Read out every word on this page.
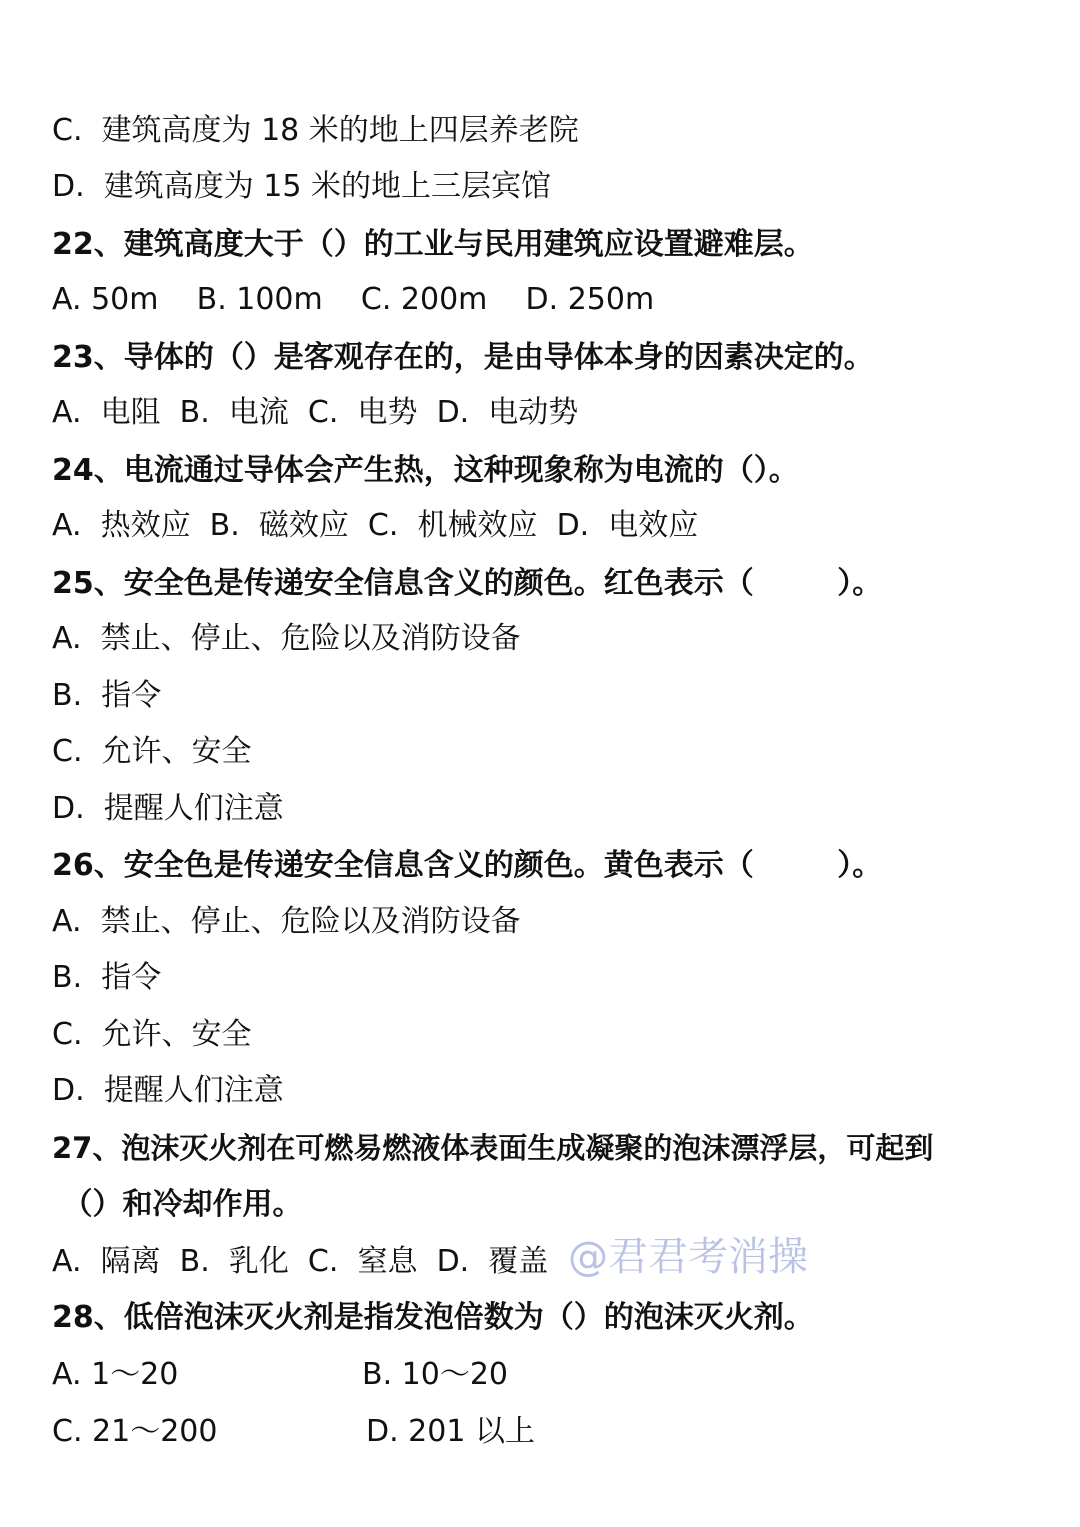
C.  建筑高度为 18 米的地上四层养老院
D.  建筑高度为 15 米的地上三层宾馆
22、建筑高度大于（）的工业与民用建筑应设置避难层。
A. 50m    B. 100m    C. 200m    D. 250m
23、导体的（）是客观存在的，是由导体本身的因素决定的。
A.  电阻  B.  电流  C.  电势  D.  电动势
24、电流通过导体会产生热，这种现象称为电流的（）。
A.  热效应  B.  磁效应  C.  机械效应  D.  电效应
25、安全色是传递安全信息含义的颜色。红色表示（        ）。
A.  禁止、停止、危险以及消防设备
B.  指令
C.  允许、安全
D.  提醒人们注意
26、安全色是传递安全信息含义的颜色。黄色表示（        ）。
A.  禁止、停止、危险以及消防设备
B.  指令
C.  允许、安全
D.  提醒人们注意
27、泡沫灭火剂在可燃易燃液体表面生成凝聚的泡沫漂浮层，可起到
（）和冷却作用。
A.  隔离  B.  乳化  C.  窒息  D.  覆盖 @君君考消操
28、低倍泡沫灭火剂是指发泡倍数为（）的泡沫灭火剂。
A. 1～20	B. 10～20
C. 21～200	D. 201 以上
